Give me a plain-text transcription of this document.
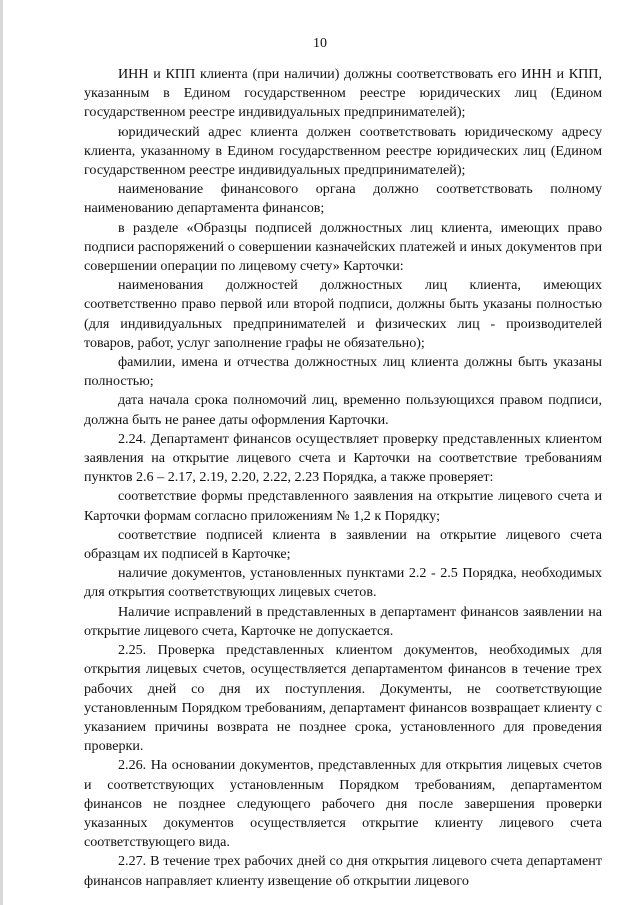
10

ИНН и КПП клиента (при наличии) должны соответствовать его ИНН и КПП, указанным в Едином государственном реестре юридических лиц (Едином государственном реестре индивидуальных предпринимателей);

юридический адрес клиента должен соответствовать юридическому адресу клиента, указанному в Едином государственном реестре юридических лиц (Едином государственном реестре индивидуальных предпринимателей);

наименование финансового органа должно соответствовать полному наименованию департамента финансов;

в разделе «Образцы подписей должностных лиц клиента, имеющих право подписи распоряжений о совершении казначейских платежей и иных документов при совершении операции по лицевому счету» Карточки:

наименования должностей должностных лиц клиента, имеющих соответственно право первой или второй подписи, должны быть указаны полностью (для индивидуальных предпринимателей и физических лиц - производителей товаров, работ, услуг заполнение графы не обязательно);

фамилии, имена и отчества должностных лиц клиента должны быть указаны полностью;

дата начала срока полномочий лиц, временно пользующихся правом подписи, должна быть не ранее даты оформления Карточки.

2.24. Департамент финансов осуществляет проверку представленных клиентом заявления на открытие лицевого счета и Карточки на соответствие требованиям пунктов 2.6 – 2.17, 2.19, 2.20, 2.22, 2.23 Порядка, а также проверяет:

соответствие формы представленного заявления на открытие лицевого счета и Карточки формам согласно приложениям № 1,2 к Порядку;

соответствие подписей клиента в заявлении на открытие лицевого счета образцам их подписей в Карточке;

наличие документов, установленных пунктами 2.2 - 2.5 Порядка, необходимых для открытия соответствующих лицевых счетов.

Наличие исправлений в представленных в департамент финансов заявлении на открытие лицевого счета, Карточке не допускается.

2.25. Проверка представленных клиентом документов, необходимых для открытия лицевых счетов, осуществляется департаментом финансов в течение трех рабочих дней со дня их поступления. Документы, не соответствующие установленным Порядком требованиям, департамент финансов возвращает клиенту с указанием причины возврата не позднее срока, установленного для проведения проверки.

2.26. На основании документов, представленных для открытия лицевых счетов и соответствующих установленным Порядком требованиям, департаментом финансов не позднее следующего рабочего дня после завершения проверки указанных документов осуществляется открытие клиенту лицевого счета соответствующего вида.

2.27. В течение трех рабочих дней со дня открытия лицевого счета департамент финансов направляет клиенту извещение об открытии лицевого
